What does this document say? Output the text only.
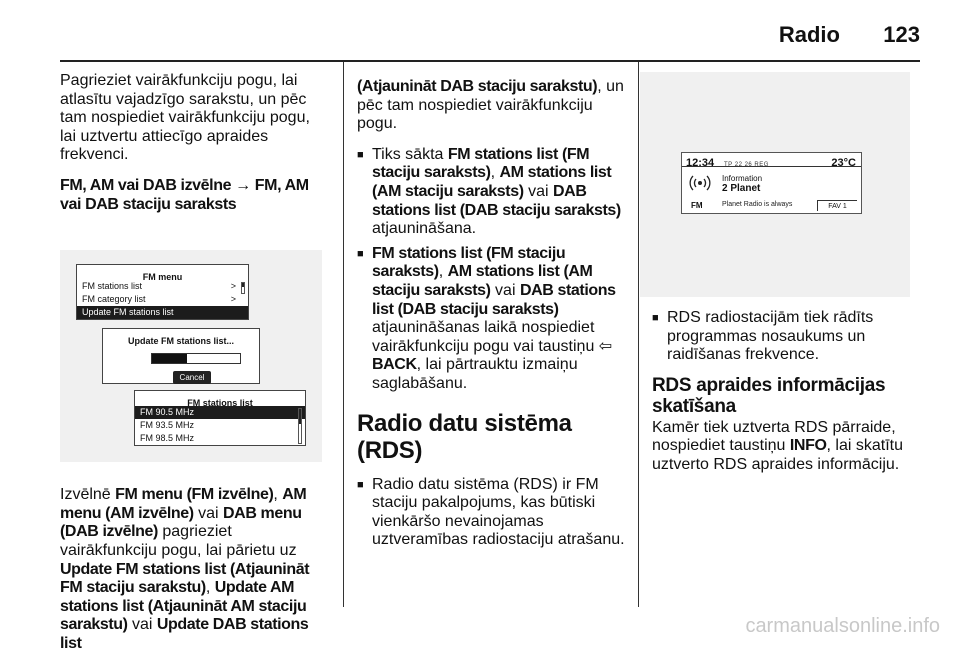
Radio 123

Pagrieziet vairākfunkciju pogu, lai atlasītu vajadzīgo sarakstu, un pēc tam nospiediet vairākfunkciju pogu, lai uztvertu attiecīgo apraides frekvenci.

FM, AM vai DAB izvēlne → FM, AM vai DAB staciju saraksts

FM menu
FM stations list	>
FM category list	>
Update FM stations list
Update FM stations list...
Cancel
FM stations list
FM 90.5 MHz
FM 93.5 MHz
FM 98.5 MHz

Izvēlnē FM menu (FM izvēlne), AM menu (AM izvēlne) vai DAB menu (DAB izvēlne) pagrieziet vairākfunkciju pogu, lai pārietu uz Update FM stations list (Atjaunināt FM staciju sarakstu), Update AM stations list (Atjaunināt AM staciju sarakstu) vai Update DAB stations list

(Atjaunināt DAB staciju sarakstu), un pēc tam nospiediet vairākfunkciju pogu.

■ Tiks sākta FM stations list (FM staciju saraksts), AM stations list (AM staciju saraksts) vai DAB stations list (DAB staciju saraksts) atjaunināšana.
■ FM stations list (FM staciju saraksts), AM stations list (AM staciju saraksts) vai DAB stations list (DAB staciju saraksts) atjaunināšanas laikā nospiediet vairākfunkciju pogu vai taustiņu ⇦ BACK, lai pārtrauktu izmaiņu saglabāšanu.
Radio datu sistēma (RDS)
■ Radio datu sistēma (RDS) ir FM staciju pakalpojums, kas būtiski vienkāršo nevainojamas uztveramības radiostaciju atrašanu.
12:34 TP 22 26 REG	23°C
FM
Information
2 Planet
Planet Radio is always	FAV 1
■ RDS radiostacijām tiek rādīts programmas nosaukums un raidīšanas frekvence.
RDS apraides informācijas skatīšana

Kamēr tiek uztverta RDS pārraide, nospiediet taustiņu INFO, lai skatītu uztverto RDS apraides informāciju.

carmanualsonline.info
